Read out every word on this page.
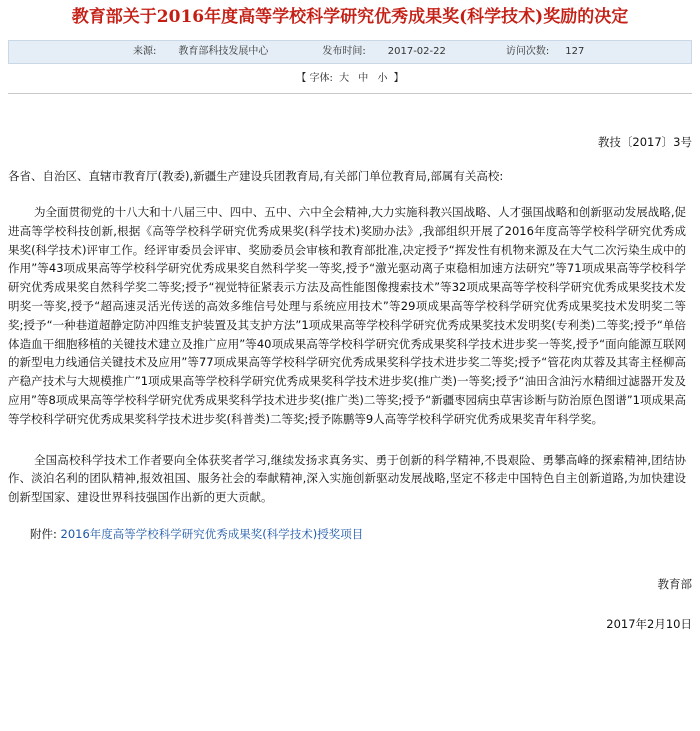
教育部关于2016年度高等学校科学研究优秀成果奖(科学技术)奖励的决定
来源: 教育部科技发展中心	发布时间: 2017-02-22	访问次数: 127
【 字体: 大 中 小 】
教技〔2017〕3号
各省、自治区、直辖市教育厅(教委),新疆生产建设兵团教育局,有关部门单位教育局,部属有关高校:

为全面贯彻党的十八大和十八届三中、四中、五中、六中全会精神,大力实施科教兴国战略、人才强国战略和创新驱动发展战略,促进高等学校科技创新,根据《高等学校科学研究优秀成果奖(科学技术)奖励办法》,我部组织开展了2016年度高等学校科学研究优秀成果奖(科学技术)评审工作。经评审委员会评审、奖励委员会审核和教育部批准,决定授予“挥发性有机物来源及在大气二次污染生成中的作用”等43项成果高等学校科学研究优秀成果奖自然科学奖一等奖,授予“激光驱动离子束稳相加速方法研究”等71项成果高等学校科学研究优秀成果奖自然科学奖二等奖;授予“视觉特征紧表示方法及高性能图像搜索技术”等32项成果高等学校科学研究优秀成果奖技术发明奖一等奖,授予“超高速灵活光传送的高效多维信号处理与系统应用技术”等29项成果高等学校科学研究优秀成果奖技术发明奖二等奖;授予“一种巷道超静定防冲四维支护装置及其支护方法”1项成果高等学校科学研究优秀成果奖技术发明奖(专利类)二等奖;授予“单倍体造血干细胞移植的关键技术建立及推广应用”等40项成果高等学校科学研究优秀成果奖科学技术进步奖一等奖,授予“面向能源互联网的新型电力线通信关键技术及应用”等77项成果高等学校科学研究优秀成果奖科学技术进步奖二等奖;授予“管花肉苁蓉及其寄主柽柳高产稳产技术与大规模推广”1项成果高等学校科学研究优秀成果奖科学技术进步奖(推广类)一等奖;授予“油田含油污水精细过滤器开发及应用”等8项成果高等学校科学研究优秀成果奖科学技术进步奖(推广类)二等奖;授予“新疆枣园病虫草害诊断与防治原色图谱”1项成果高等学校科学研究优秀成果奖科学技术进步奖(科普类)二等奖;授予陈鹏等9人高等学校科学研究优秀成果奖青年科学奖。

全国高校科学技术工作者要向全体获奖者学习,继续发扬求真务实、勇于创新的科学精神,不畏艰险、勇攀高峰的探索精神,团结协作、淡泊名利的团队精神,报效祖国、服务社会的奉献精神,深入实施创新驱动发展战略,坚定不移走中国特色自主创新道路,为加快建设创新型国家、建设世界科技强国作出新的更大贡献。

附件: 2016年度高等学校科学研究优秀成果奖(科学技术)授奖项目
教育部
2017年2月10日
